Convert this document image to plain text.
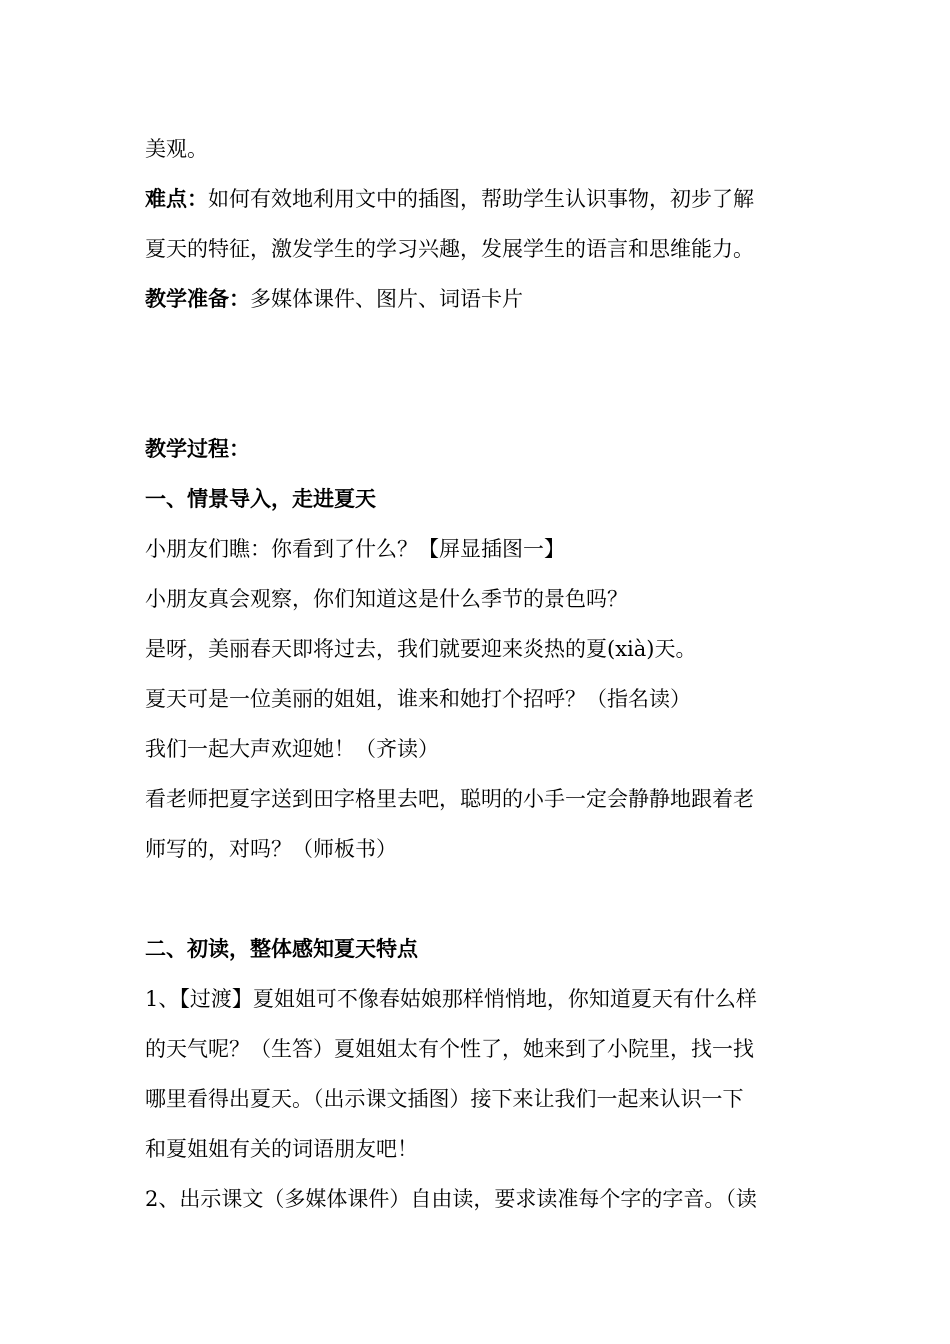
美观。
难点：如何有效地利用文中的插图，帮助学生认识事物，初步了解
夏天的特征，激发学生的学习兴趣，发展学生的语言和思维能力。
教学准备：多媒体课件、图片、词语卡片
教学过程：
一、情景导入，走进夏天
小朋友们瞧：你看到了什么？【屏显插图一】
小朋友真会观察，你们知道这是什么季节的景色吗？
是呀，美丽春天即将过去，我们就要迎来炎热的夏(xià)天。
夏天可是一位美丽的姐姐，谁来和她打个招呼？（指名读）
我们一起大声欢迎她！（齐读）
看老师把夏字送到田字格里去吧，聪明的小手一定会静静地跟着老
师写的，对吗？（师板书）
二、初读，整体感知夏天特点
1、【过渡】夏姐姐可不像春姑娘那样悄悄地，你知道夏天有什么样
的天气呢？（生答）夏姐姐太有个性了，她来到了小院里，找一找
哪里看得出夏天。（出示课文插图）接下来让我们一起来认识一下
和夏姐姐有关的词语朋友吧！
2、出示课文（多媒体课件）自由读，要求读准每个字的字音。（读
